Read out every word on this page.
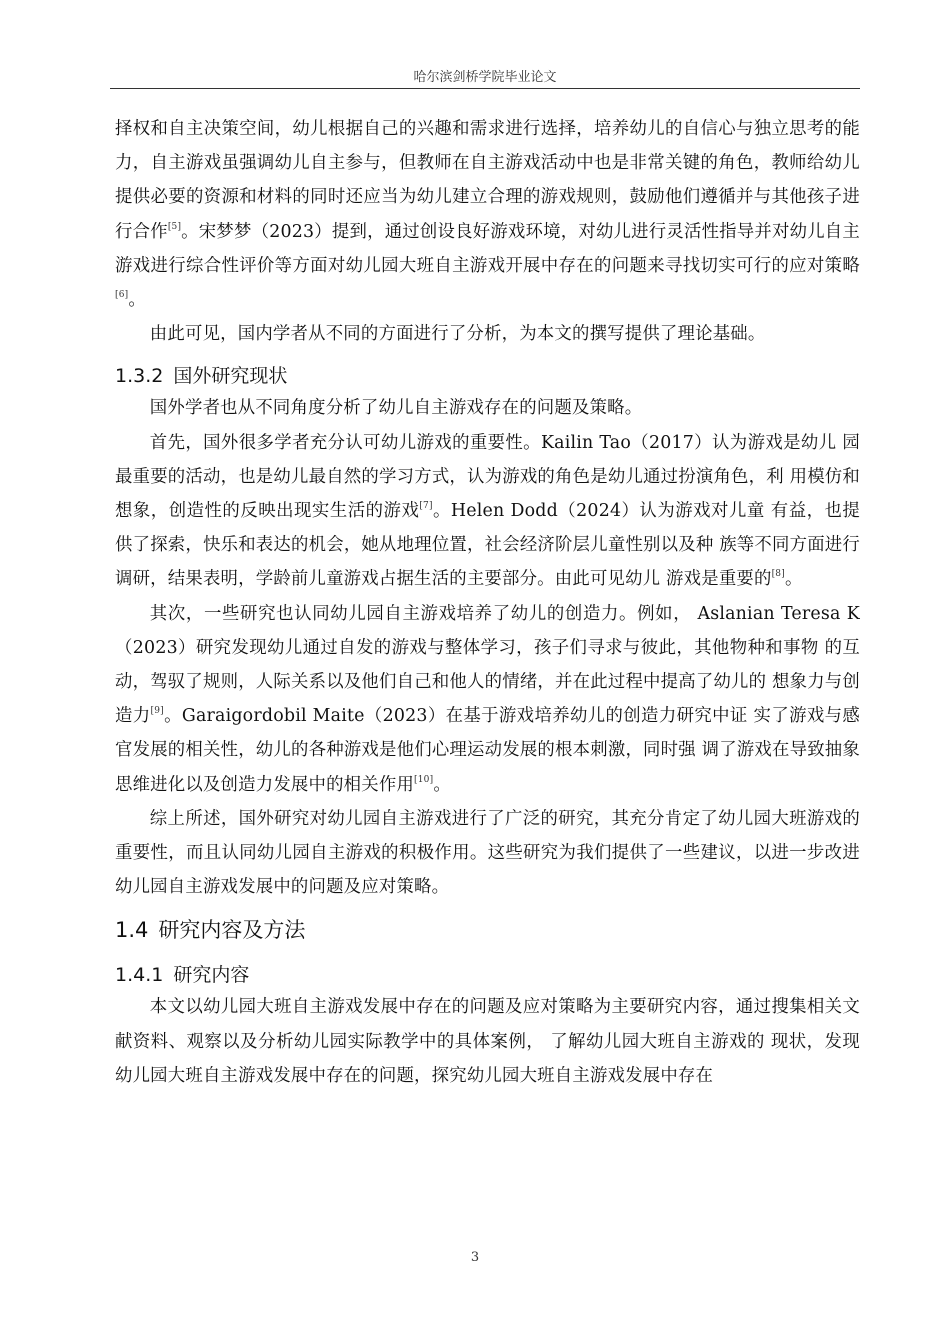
哈尔滨剑桥学院毕业论文

择权和自主决策空间，幼儿根据自己的兴趣和需求进行选择，培养幼儿的自信心与独立思考的能力，自主游戏虽强调幼儿自主参与，但教师在自主游戏活动中也是非常关键的角色，教师给幼儿提供必要的资源和材料的同时还应当为幼儿建立合理的游戏规则，鼓励他们遵循并与其他孩子进行合作[5]。宋梦梦（2023）提到，通过创设良好游戏环境，对幼儿进行灵活性指导并对幼儿自主游戏进行综合性评价等方面对幼儿园大班自主游戏开展中存在的问题来寻找切实可行的应对策略[6]。

由此可见，国内学者从不同的方面进行了分析，为本文的撰写提供了理论基础。

1.3.2 国外研究现状

国外学者也从不同角度分析了幼儿自主游戏存在的问题及策略。

首先，国外很多学者充分认可幼儿游戏的重要性。Kailin Tao（2017）认为游戏是幼儿 园最重要的活动，也是幼儿最自然的学习方式，认为游戏的角色是幼儿通过扮演角色，利 用模仿和想象，创造性的反映出现实生活的游戏[7]。Helen Dodd（2024）认为游戏对儿童 有益，也提供了探索，快乐和表达的机会，她从地理位置，社会经济阶层儿童性别以及种 族等不同方面进行调研，结果表明，学龄前儿童游戏占据生活的主要部分。由此可见幼儿 游戏是重要的[8]。

其次，一些研究也认同幼儿园自主游戏培养了幼儿的创造力。例如， Aslanian Teresa K（2023）研究发现幼儿通过自发的游戏与整体学习，孩子们寻求与彼此，其他物种和事物 的互动，驾驭了规则，人际关系以及他们自己和他人的情绪，并在此过程中提高了幼儿的 想象力与创造力[9]。Garaigordobil Maite（2023）在基于游戏培养幼儿的创造力研究中证 实了游戏与感官发展的相关性，幼儿的各种游戏是他们心理运动发展的根本刺激，同时强 调了游戏在导致抽象思维进化以及创造力发展中的相关作用[10]。

综上所述，国外研究对幼儿园自主游戏进行了广泛的研究，其充分肯定了幼儿园大班游戏的重要性，而且认同幼儿园自主游戏的积极作用。这些研究为我们提供了一些建议，以进一步改进幼儿园自主游戏发展中的问题及应对策略。

1.4 研究内容及方法
1.4.1 研究内容

本文以幼儿园大班自主游戏发展中存在的问题及应对策略为主要研究内容，通过搜集相关文献资料、观察以及分析幼儿园实际教学中的具体案例， 了解幼儿园大班自主游戏的 现状，发现幼儿园大班自主游戏发展中存在的问题，探究幼儿园大班自主游戏发展中存在

3
